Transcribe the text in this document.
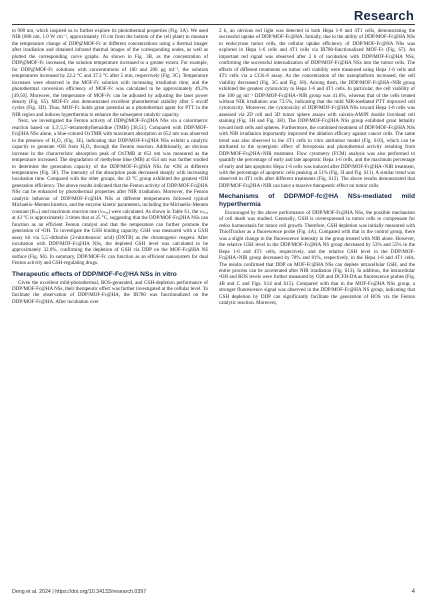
Research

to 900 nm, which inspired us to further explore its photothermal properties (Fig. 3A). We used NIR (808 nm, 1.0 W cm⁻², approximately 10 cm from the bottom of the cell plate) to measure the temperature change of DDP@MOF-Fc at different concentrations using a thermal imager after irradiation and obtained infrared thermal images of the corresponding nodes, as well as plotted the corresponding curve graphs. As shown in Fig. 3B, as the concentration of DDP@MOF-Fc increased, the solution temperature increased to a greater extent. For example, for DDP@MOF-Fc solutions with concentrations of 100 and 200 μg ml⁻¹, the solution temperatures increased by 22.2 °C and 37.3 °C after 5 min, respectively (Fig. 3C). Temperature increases were observed in the MOF-Fc solution with increasing irradiation time, and the photothermal conversion efficiency of MOF-Fc was calculated to be approximately 49.2% [49,50]. Moreover, the temperature of MOF-Fc can be adjusted by adjusting the laser power density (Fig. S5). MOF-Fc also demonstrated excellent photothermal stability after 5 on/off cycles (Fig. 3D). Thus, MOF-Fc holds great potential as a photothermal agent for PTT in the NIR region and induces hyperthermia to enhance the subsequent catalytic capacity.

Next, we investigated the Fenton activity of DDP@MOF-Fc@HA NSs via a colorimetric reaction based on 3,3′,5,5′-tetramethylbenzidine (TMB) [38,51]. Compared with DDP/MOF-Fc@HA NSs alone, a blue-colored OxTMB with maximum absorption at 652 nm was observed in the presence of H₂O₂ (Fig. 3E), indicating that DDP/MOF-Fc@HA NSs exhibit a catalytic capacity to generate •OH from H₂O₂ through the Fenton reaction. Additionally, an obvious increase in the characteristic absorption peak of OxTMB at 652 nm was measured as the temperature increased. The degradation of methylene blue (MB) at 654 nm was further studied to determine the generation capacity of the DDP/MOF-Fc@HA NSs for •OH at different temperatures (Fig. 3F). The intensity of the absorption peak decreased sharply with increasing incubation time. Compared with the other groups, the 43 °C group exhibited the greatest •OH generation efficiency. The above results indicated that the Fenton activity of DDP/MOF-Fc@HA NSs can be enhanced by photothermal properties after NIR irradiation. Moreover, the Fenton catalytic behavior of DDP/MOF-Fc@HA NSs at different temperatures followed typical Michaelis–Menten kinetics, and the enzyme kinetic parameters, including the Michaelis–Menten constant (Kₘ) and maximum reaction rate (vₘₐₓ) were calculated. As shown in Table S1, the vₘₐₓ at 43 °C is approximately 3 times that at 25 °C, suggesting that the DDP/MOF-Fc@HA NSs can function as an efficient Fenton catalyst and that the temperature can further promote the generation of •OH. To investigate the GSH binding capacity, GSH was measured with a GSH assay kit via 5,5′-dithiobis (2-nitrobenzoic acid) (DNTB) as the chromogenic reagent. After incubation with DDP/MOF-Fc@HA NSs, the depleted GSH level was calculated to be approximately 32.6%, confirming the depletion of GSH via DDP on the MOF-Fc@HA NS surface (Fig. S6). In summary, DDP/MOF-Fc can function as an efficient nanosystem for dual Fenton activity and GSH-regulating drugs.

Therapeutic effects of DDP/MOF-Fc@HA NSs in vitro

Given the excellent mild-photothermal, ROS-generated, and GSH-depletion performance of DDP/MOF-Fc@HA NSs, their therapeutic effect was further investigated at the cellular level. To facilitate the observation of DDP/MOF-Fc@HA, the IR780 was functionalized on the DDP/MOF-Fc@HA. After incubation over

2 h, an obvious red light was detected in both Hepa 1-6 and 4T1 cells, demonstrating the successful uptake of DDP/MOF-Fc@HA. Initially, due to the ability of DDP/MOF-Fc@HA NSs to endocytose tumor cells, the cellular uptake efficiency of DDP/MOF-Fc@HA NSs was explored in Hepa 1-6 cells and 4T1 cells via IR780-functionalized MOF-Fc (Fig. S7). An important red signal was observed after 2 h of incubation with DDP/MOF-Fc@HA NSs, confirming the successful internalization of DDP/MOF-Fc@HA NSs into the tumor cells. The effects of different treatments on tumor cell viability were measured using Hepa 1-6 cells and 4T1 cells via a CCK-8 assay. As the concentration of the nanoplatform increased, the cell viability decreased (Fig. 3G and Fig. S8). Among them, the DDP/MOF-Fc@HA+NIR group exhibited the greatest cytotoxicity to Hepa 1-6 and 4T1 cells. In particular, the cell viability of the 100 μg ml⁻¹ DDP/MOF-Fc@HA+NIR group was 41.6%, whereas that of the cells treated without NIR irradiation was 73.5%, indicating that the mild NIR-mediated PTT improved cell cytotoxicity. Moreover, the cytotoxicity of DDP/MOF-Fc@HA NSs toward Hepa 1-6 cells was assessed via 2D cell and 3D tumor sphere assays with calcein-AM/PI double live/dead cell staining (Fig. 3H and Fig. 3H). The DDP/MOF-Fc@HA NSs group exhibited great lethality toward both cells and spheres. Furthermore, the combined treatment of DDP/MOF-Fc@HA NSs with NIR irradiation importantly improved the ablation efficacy against cancer cells. The same trend was also observed in the 4T1 cells in vitro antitumor model (Fig. S10), which can be attributed to the synergistic effect of ferroptosis and photothermal activity resulting from DDP/MOF-Fc@HA+NIR treatment. Flow cytometry (FCM) analysis was also performed to quantify the percentage of early and late apoptotic Hepa 1-6 cells, and the maximum percentage of early and late apoptotic Hepa 1-6 cells was induced after DDP/MOF-Fc@HA+NIR treatment, with the percentage of apoptotic cells peaking at 51% (Fig. 3I and Fig. S11). A similar trend was observed in 4T1 cells after different treatments (Fig. S12). The above results demonstrated that DDP/MOF-Fc@HA+NIR can have a massive therapeutic effect on tumor cells.

Mechanisms of DDP/MOF-fc@HA NSs-mediated mild hyperthermia

Encouraged by the above performance of DDP/MOF-Fc@HA NSs, the possible mechanism of cell death was studied. Generally, GSH is overexpressed in tumor cells to compensate for redox homeostasis for tumor cell growth. Therefore, GSH depletion was initially measured with ThiolTracker as a fluorescence probe (Fig. 4A). Compared with that in the control group, there was a slight change in the fluorescence intensity in the group treated with NIR alone. However, the relative GSH level in the DDP/MOF-Fc@HA NS group decreased by 53% and 55% in the Hepa 1-6 and 4T1 cells, respectively, and the relative GSH level in the DDP/MOF-Fc@HA+NIR group decreased by 78% and 81%, respectively, in the Hepa 1-6 and 4T1 cells. The results confirmed that DDP on MOF-Fc@HA NSs can deplete intracellular GSH, and the entire process can be accelerated after NIR irradiation (Fig. S13). In addition, the intracellular •OH and ROS levels were further measured by O28 and DCFH-DA as fluorescence probes (Fig. 4B and C and Figs. S14 and S15). Compared with that in the MOF-Fc@HA NSs group, a stronger fluorescence signal was observed in the DDP/MOF-Fc@HA NS group, indicating that GSH depletion by DDP can significantly facilitate the generation of ROS via the Fenton catalytic reaction. Moreover,

Deng et al. 2024 | https://doi.org/10.34133/research.0397	4
